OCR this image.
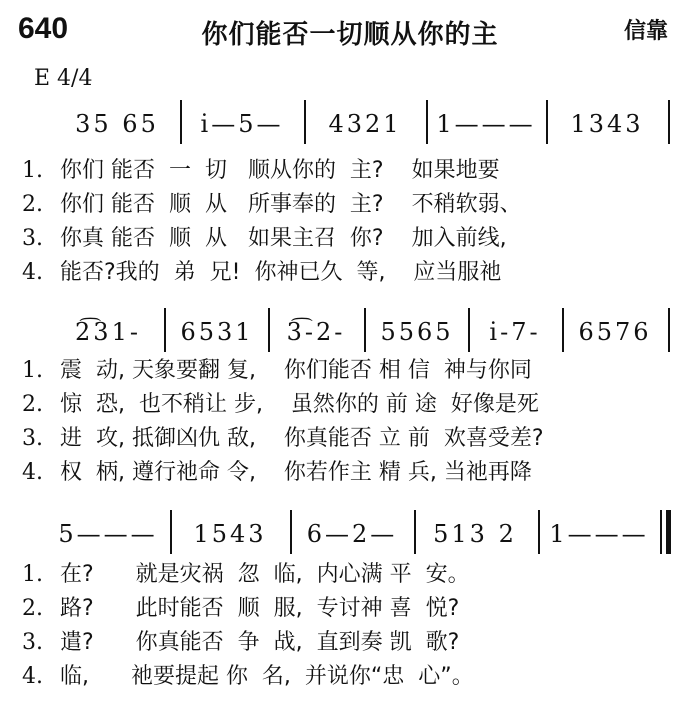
640	你们能否一切顺从你的主	信靠
E 4/4
35 65	i̇—5—	4321	1———	1343
1. 你们 能否  一  切   顺从你的  主?    如果地要
2. 你们 能否  顺  从   所事奉的  主?    不稍软弱、
3. 你真 能否  顺  从   如果主召  你?    加入前线,
4. 能否?我的  弟  兄!  你神已久  等,    应当服祂
2͡31-	6531	3͡-2-	5565	i̇-7-	6576
1. 震  动, 天象要翻 复,    你们能否 相 信  神与你同
2. 惊  恐,  也不稍让 步,    虽然你的 前 途  好像是死
3. 进  攻, 抵御凶仇 敌,    你真能否 立 前  欢喜受差?
4. 权  柄, 遵行祂命 令,    你若作主 精 兵, 当祂再降
5———	1543	6—2—	513 2	1———
1. 在?      就是灾祸  忽  临,  内心满 平  安。
2. 路?      此时能否  顺  服,  专讨神 喜  悦?
3. 遣?      你真能否  争  战,  直到奏 凯  歌?
4. 临,      祂要提起 你  名,  并说你“忠  心”。
